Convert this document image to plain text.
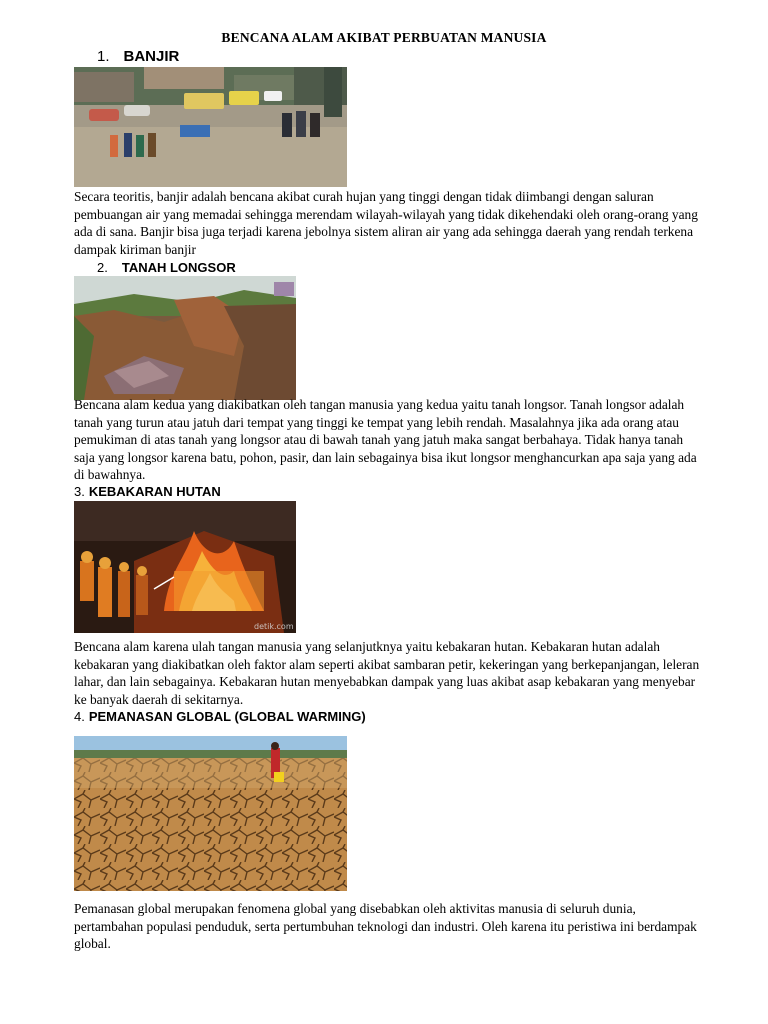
BENCANA ALAM AKIBAT PERBUATAN MANUSIA
1. BANJIR
Secara teoritis, banjir adalah bencana akibat curah hujan yang tinggi dengan tidak diimbangi dengan saluran pembuangan air yang memadai sehingga merendam wilayah-wilayah yang tidak dikehendaki oleh orang-orang yang ada di sana. Banjir bisa juga terjadi karena jebolnya sistem aliran air yang ada sehingga daerah yang rendah terkena dampak kiriman banjir
2. TANAH LONGSOR
Bencana alam kedua yang diakibatkan oleh tangan manusia yang kedua yaitu tanah longsor. Tanah longsor adalah tanah yang turun atau jatuh dari tempat yang tinggi ke tempat yang lebih rendah. Masalahnya jika ada orang atau pemukiman di atas tanah yang longsor atau di bawah tanah yang jatuh maka sangat berbahaya. Tidak hanya tanah saja yang longsor karena batu, pohon, pasir, dan lain sebagainya bisa ikut longsor menghancurkan apa saja yang ada di bawahnya.
3. KEBAKARAN HUTAN
detik.com
Bencana alam karena ulah tangan manusia yang selanjutknya yaitu kebakaran hutan. Kebakaran hutan adalah kebakaran yang diakibatkan oleh faktor alam seperti akibat sambaran petir, kekeringan yang berkepanjangan, leleran lahar, dan lain sebagainya. Kebakaran hutan menyebabkan dampak yang luas akibat asap kebakaran yang menyebar ke banyak daerah di sekitarnya.
4. PEMANASAN GLOBAL (GLOBAL WARMING)
Pemanasan global merupakan fenomena global yang disebabkan oleh aktivitas manusia di seluruh dunia, pertambahan populasi penduduk, serta pertumbuhan teknologi dan industri. Oleh karena itu peristiwa ini berdampak global.
